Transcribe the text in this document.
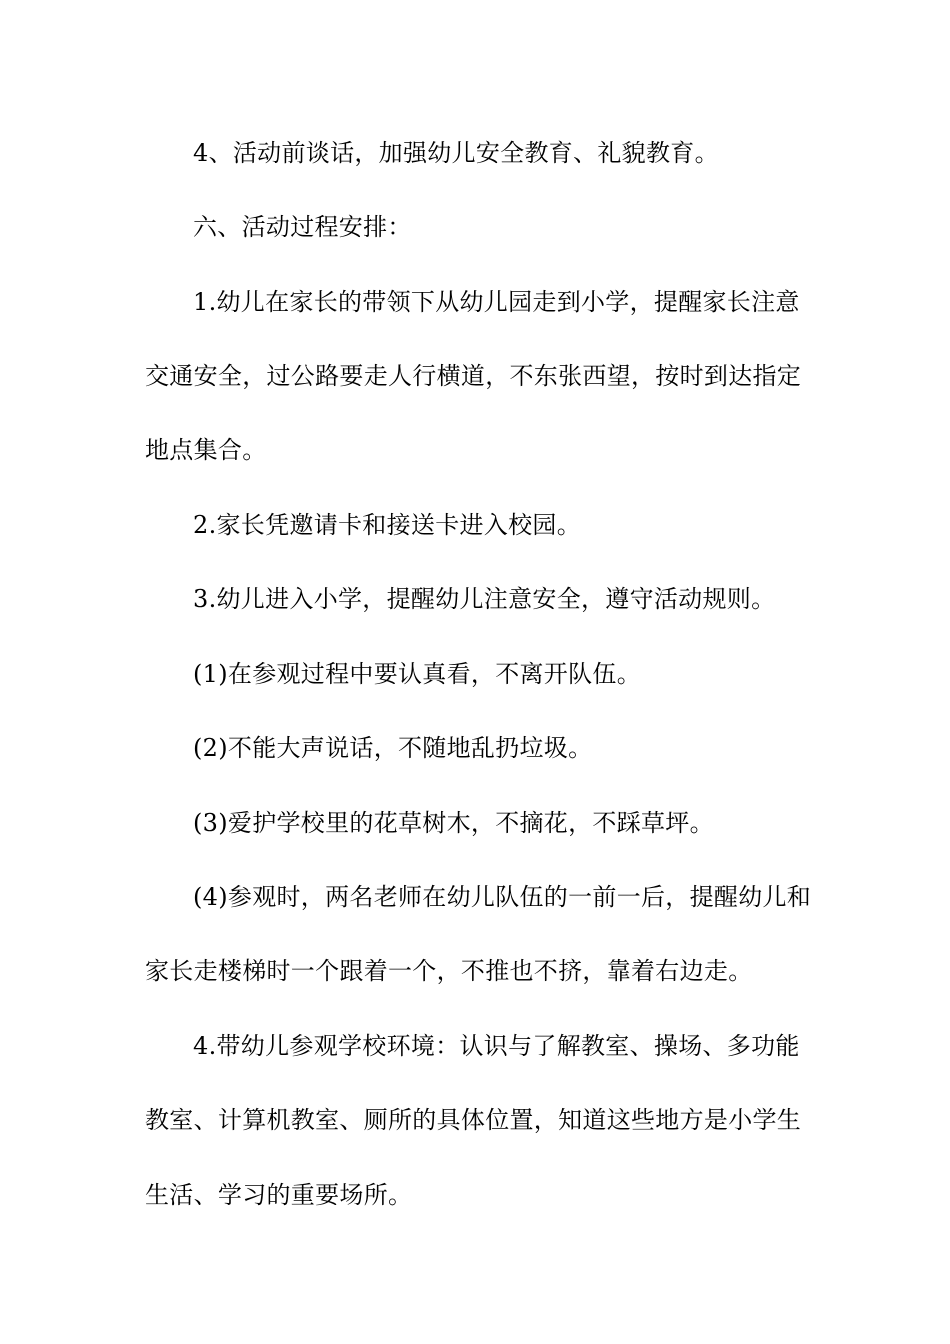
4、活动前谈话，加强幼儿安全教育、礼貌教育。
六、活动过程安排：
1.幼儿在家长的带领下从幼儿园走到小学，提醒家长注意
交通安全，过公路要走人行横道，不东张西望，按时到达指定
地点集合。
2.家长凭邀请卡和接送卡进入校园。
3.幼儿进入小学，提醒幼儿注意安全，遵守活动规则。
(1)在参观过程中要认真看，不离开队伍。
(2)不能大声说话，不随地乱扔垃圾。
(3)爱护学校里的花草树木，不摘花，不踩草坪。
(4)参观时，两名老师在幼儿队伍的一前一后，提醒幼儿和
家长走楼梯时一个跟着一个，不推也不挤，靠着右边走。
4.带幼儿参观学校环境：认识与了解教室、操场、多功能
教室、计算机教室、厕所的具体位置，知道这些地方是小学生
生活、学习的重要场所。
